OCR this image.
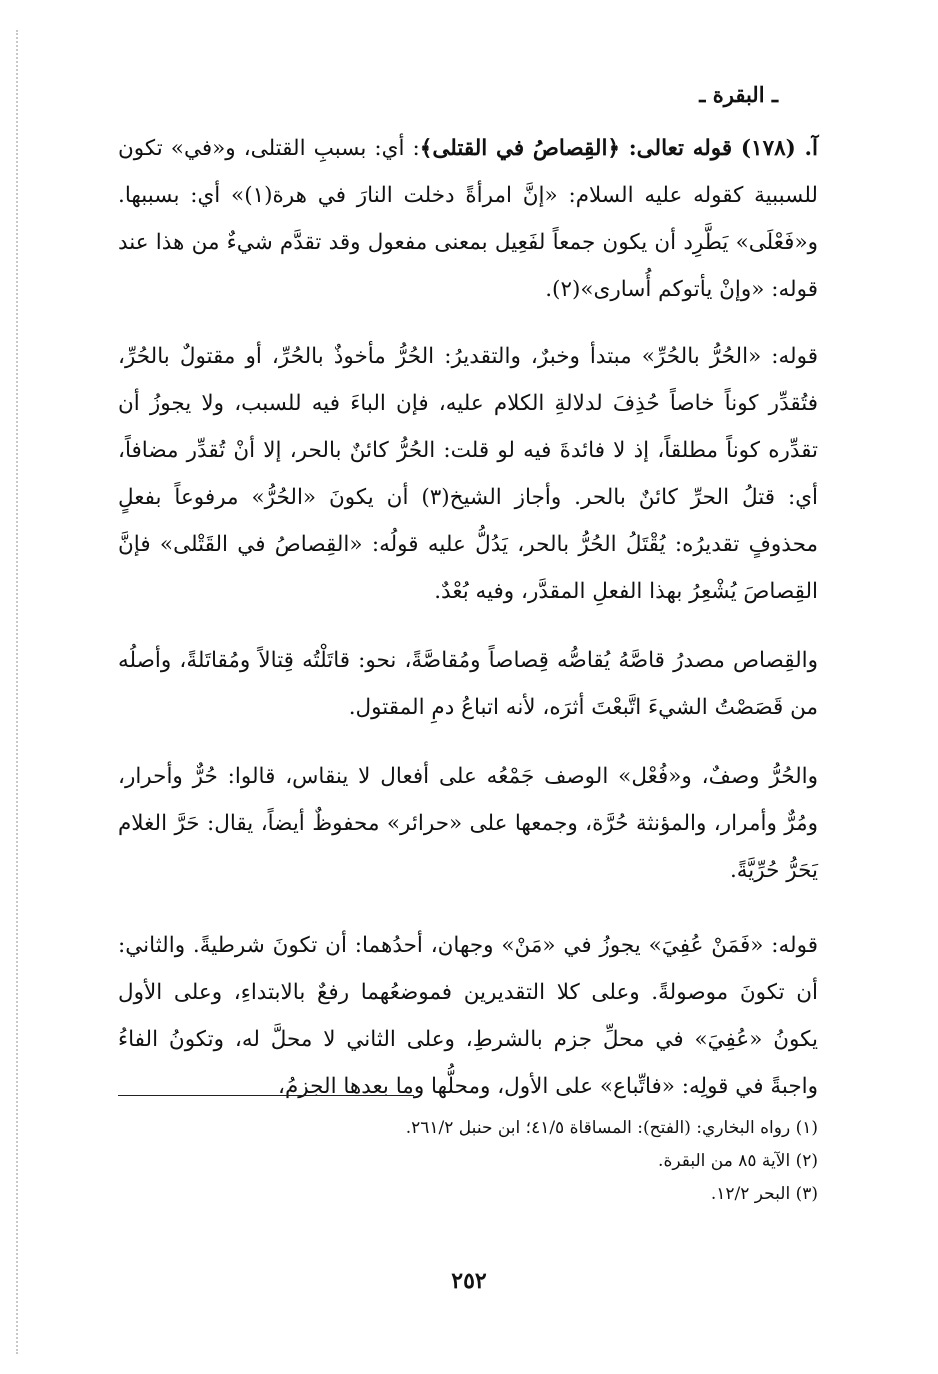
ـ البقرة ـ

آ. (١٧٨) قوله تعالى: ﴿القِصاصُ في القتلى﴾: أي: بسببِ القتلى، و«في» تكون للسببية كقوله عليه السلام: «إنَّ امرأةً دخلت النارَ في هرة(١)» أي: بسببها. و«فَعْلَى» يَطَّرِد أن يكون جمعاً لفَعِيل بمعنى مفعول وقد تقدَّم شيءٌ من هذا عند قوله: «وإنْ يأتوكم أُسارى»(٢).

قوله: «الحُرُّ بالحُرِّ» مبتدأ وخبرٌ، والتقديرُ: الحُرُّ مأخوذٌ بالحُرِّ، أو مقتولٌ بالحُرِّ، فتُقدِّر كوناً خاصاً حُذِفَ لدلالةِ الكلام عليه، فإن الباءَ فيه للسبب، ولا يجوزُ أن تقدِّره كوناً مطلقاً، إذ لا فائدةَ فيه لو قلت: الحُرُّ كائنٌ بالحر، إلا أنْ تُقدِّر مضافاً، أي: قتلُ الحرِّ كائنٌ بالحر. وأجاز الشيخ(٣) أن يكونَ «الحُرُّ» مرفوعاً بفعلٍ محذوفٍ تقديرُه: يُقْتَلُ الحُرُّ بالحر، يَدُلُّ عليه قولُه: «القِصاصُ في القَتْلى» فإنَّ القِصاصَ يُشْعِرُ بهذا الفعلِ المقدَّر، وفيه بُعْدٌ.

والقِصاص مصدرُ قاصَّهُ يُقاصُّه قِصاصاً ومُقاصَّةً، نحو: قاتَلْتُه قِتالاً ومُقاتَلةً، وأصلُه من قَصَصْتُ الشيءَ اتَّبعْتَ أثرَه، لأنه اتباعُ دمِ المقتول.

والحُرُّ وصفٌ، و«فُعْل» الوصف جَمْعُه على أفعال لا ينقاس، قالوا: حُرٌّ وأحرار، ومُرٌّ وأمرار، والمؤنثة حُرَّة، وجمعها على «حرائر» محفوظٌ أيضاً، يقال: حَرَّ الغلام يَحَرُّ حُرِّيَّةً.

قوله: «فَمَنْ عُفِيَ» يجوزُ في «مَنْ» وجهان، أحدُهما: أن تكونَ شرطيةً. والثاني: أن تكونَ موصولةً. وعلى كلا التقديرين فموضعُهما رفعٌ بالابتداءِ، وعلى الأول يكونُ «عُفِيَ» في محلِّ جزم بالشرطِ، وعلى الثاني لا محلَّ له، وتكونُ الفاءُ واجبةً في قولِه: «فاتِّباع» على الأول، ومحلُّها وما بعدها الجزمُ،

(١) رواه البخاري: (الفتح): المساقاة ٤١/٥؛ ابن حنبل ٢٦١/٢.
(٢) الآية ٨٥ من البقرة.
(٣) البحر ١٢/٢.
٢٥٢
